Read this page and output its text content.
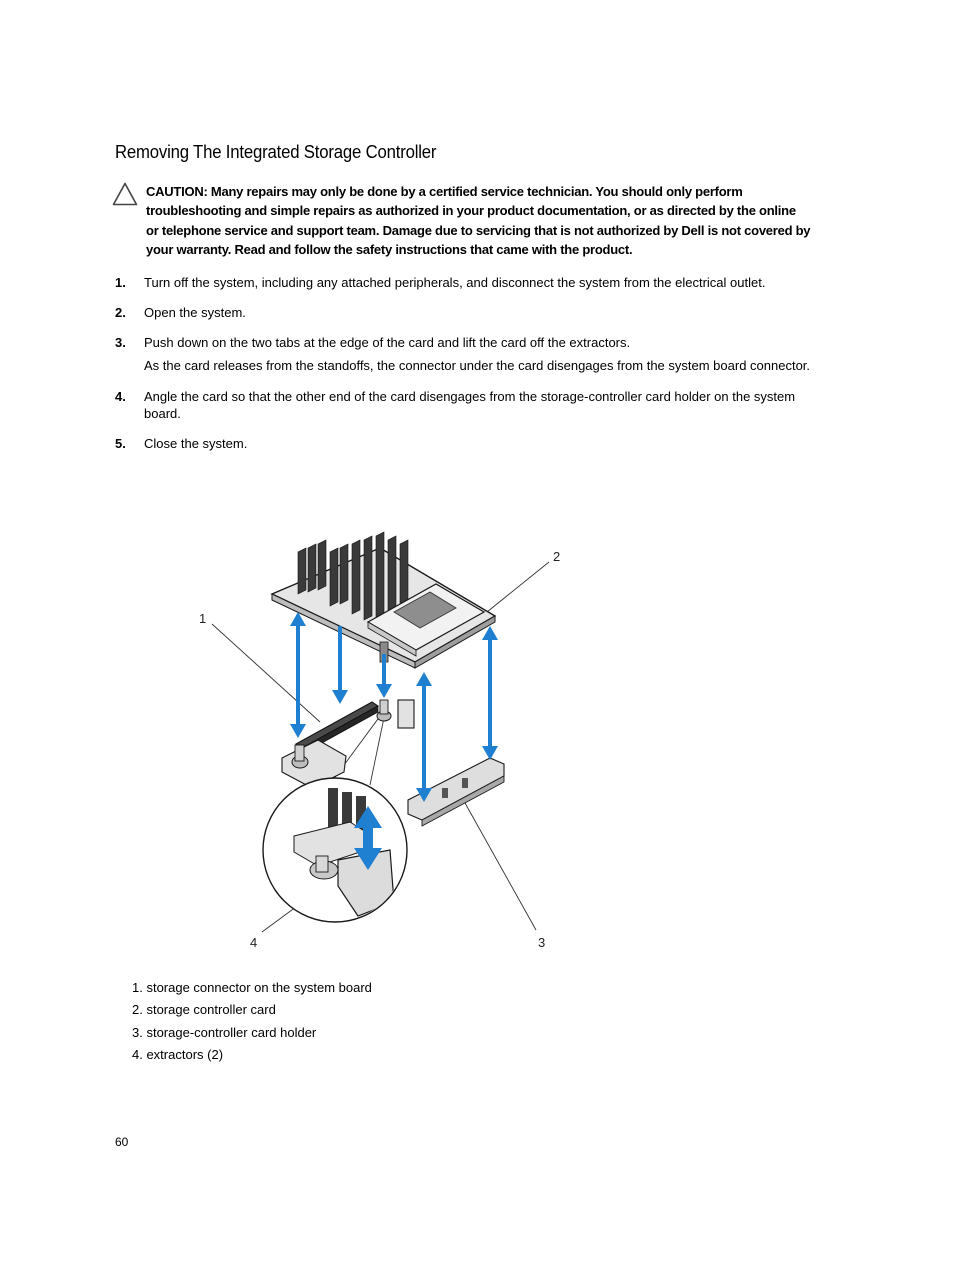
Removing The Integrated Storage Controller
CAUTION: Many repairs may only be done by a certified service technician. You should only perform troubleshooting and simple repairs as authorized in your product documentation, or as directed by the online or telephone service and support team. Damage due to servicing that is not authorized by Dell is not covered by your warranty. Read and follow the safety instructions that came with the product.
1. Turn off the system, including any attached peripherals, and disconnect the system from the electrical outlet.
2. Open the system.
3. Push down on the two tabs at the edge of the card and lift the card off the extractors.
As the card releases from the standoffs, the connector under the card disengages from the system board connector.
4. Angle the card so that the other end of the card disengages from the storage-controller card holder on the system board.
5. Close the system.
1
2
3
4
1. storage connector on the system board
2. storage controller card
3. storage-controller card holder
4. extractors (2)
60
